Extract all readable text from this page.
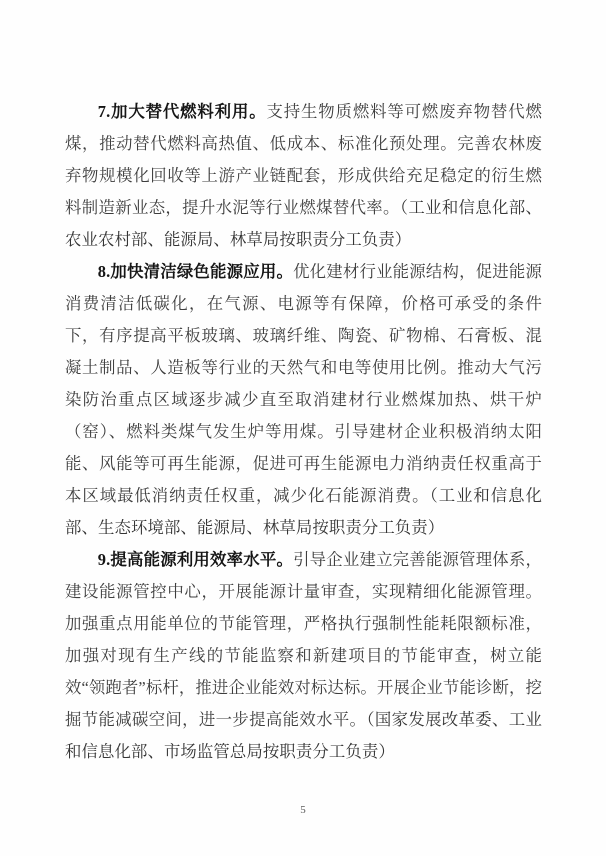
7.加大替代燃料利用。支持生物质燃料等可燃废弃物替代燃煤，推动替代燃料高热值、低成本、标准化预处理。完善农林废弃物规模化回收等上游产业链配套，形成供给充足稳定的衍生燃料制造新业态，提升水泥等行业燃煤替代率。（工业和信息化部、农业农村部、能源局、林草局按职责分工负责）

8.加快清洁绿色能源应用。优化建材行业能源结构，促进能源消费清洁低碳化，在气源、电源等有保障，价格可承受的条件下，有序提高平板玻璃、玻璃纤维、陶瓷、矿物棉、石膏板、混凝土制品、人造板等行业的天然气和电等使用比例。推动大气污染防治重点区域逐步减少直至取消建材行业燃煤加热、烘干炉（窑）、燃料类煤气发生炉等用煤。引导建材企业积极消纳太阳能、风能等可再生能源，促进可再生能源电力消纳责任权重高于本区域最低消纳责任权重，减少化石能源消费。（工业和信息化部、生态环境部、能源局、林草局按职责分工负责）

9.提高能源利用效率水平。引导企业建立完善能源管理体系，建设能源管控中心，开展能源计量审查，实现精细化能源管理。加强重点用能单位的节能管理，严格执行强制性能耗限额标准，加强对现有生产线的节能监察和新建项目的节能审查，树立能效“领跑者”标杆，推进企业能效对标达标。开展企业节能诊断，挖掘节能减碳空间，进一步提高能效水平。（国家发展改革委、工业和信息化部、市场监管总局按职责分工负责）

5
